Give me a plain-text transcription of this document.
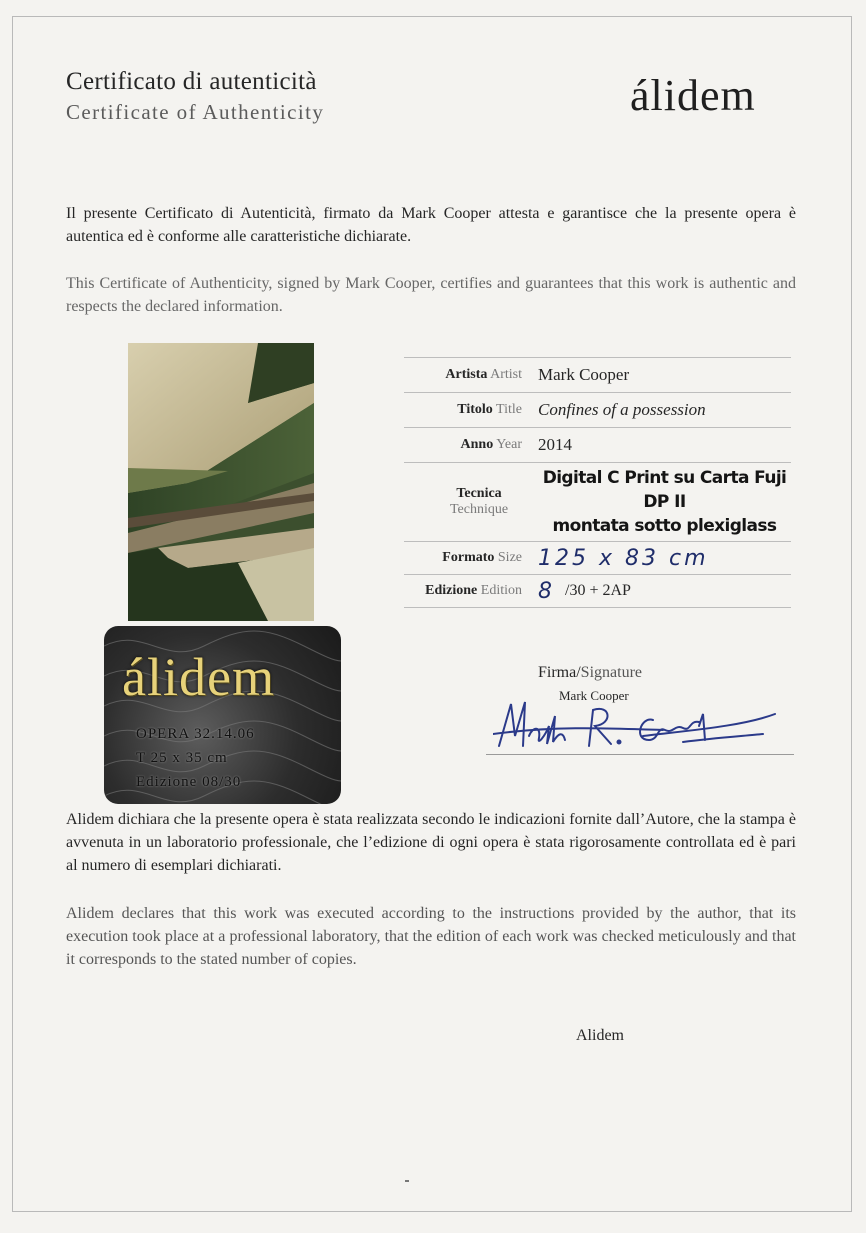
Certificato di autenticità
Certificate of Authenticity	álidem
Il presente Certificato di Autenticità, firmato da Mark Cooper attesta e garantisce che la presente opera è autentica ed è conforme alle caratteristiche dichiarate.
This Certificate of Authenticity, signed by Mark Cooper, certifies and guarantees that this work is authentic and respects the declared information.
álidem
OPERA 32.14.06
T 25 x 35 cm
Edizione 08/30
Artista Artist Mark Cooper
Titolo Title Confines of a possession
Anno Year 2014
Tecnica
Technique
Digital C Print su Carta Fuji DP II
montata sotto plexiglass
Formato Size 125 x 83 cm
Edizione Edition 8 /30 + 2AP
Firma/Signature
Mark Cooper
Alidem dichiara che la presente opera è stata realizzata secondo le indicazioni fornite dall’Autore, che la stampa è avvenuta in un laboratorio professionale, che l’edizione di ogni opera è stata rigorosamente controllata ed è pari al numero di esemplari dichiarati.
Alidem declares that this work was executed according to the instructions provided by the author, that its execution took place at a professional laboratory, that the edition of each work was checked meticulously and that it corresponds to the stated number of copies.
Alidem
